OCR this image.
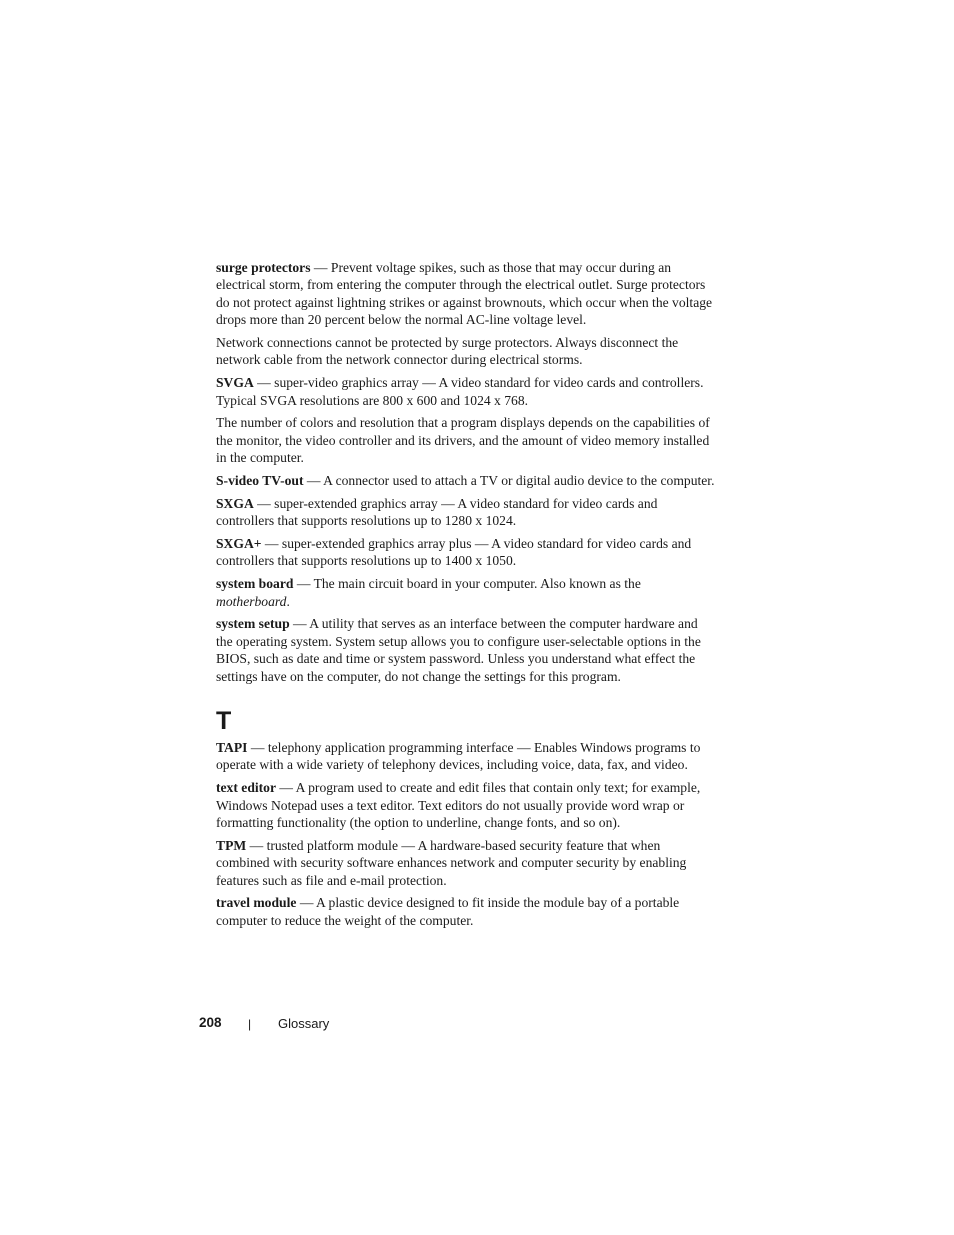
surge protectors — Prevent voltage spikes, such as those that may occur during an electrical storm, from entering the computer through the electrical outlet. Surge protectors do not protect against lightning strikes or against brownouts, which occur when the voltage drops more than 20 percent below the normal AC-line voltage level.

Network connections cannot be protected by surge protectors. Always disconnect the network cable from the network connector during electrical storms.

SVGA — super-video graphics array — A video standard for video cards and controllers. Typical SVGA resolutions are 800 x 600 and 1024 x 768.

The number of colors and resolution that a program displays depends on the capabilities of the monitor, the video controller and its drivers, and the amount of video memory installed in the computer.

S-video TV-out — A connector used to attach a TV or digital audio device to the computer.

SXGA — super-extended graphics array — A video standard for video cards and controllers that supports resolutions up to 1280 x 1024.

SXGA+ — super-extended graphics array plus — A video standard for video cards and controllers that supports resolutions up to 1400 x 1050.

system board — The main circuit board in your computer. Also known as the motherboard.

system setup — A utility that serves as an interface between the computer hardware and the operating system. System setup allows you to configure user-selectable options in the BIOS, such as date and time or system password. Unless you understand what effect the settings have on the computer, do not change the settings for this program.

T

TAPI — telephony application programming interface — Enables Windows programs to operate with a wide variety of telephony devices, including voice, data, fax, and video.

text editor — A program used to create and edit files that contain only text; for example, Windows Notepad uses a text editor. Text editors do not usually provide word wrap or formatting functionality (the option to underline, change fonts, and so on).

TPM — trusted platform module — A hardware-based security feature that when combined with security software enhances network and computer security by enabling features such as file and e-mail protection.

travel module — A plastic device designed to fit inside the module bay of a portable computer to reduce the weight of the computer.

208 | Glossary
